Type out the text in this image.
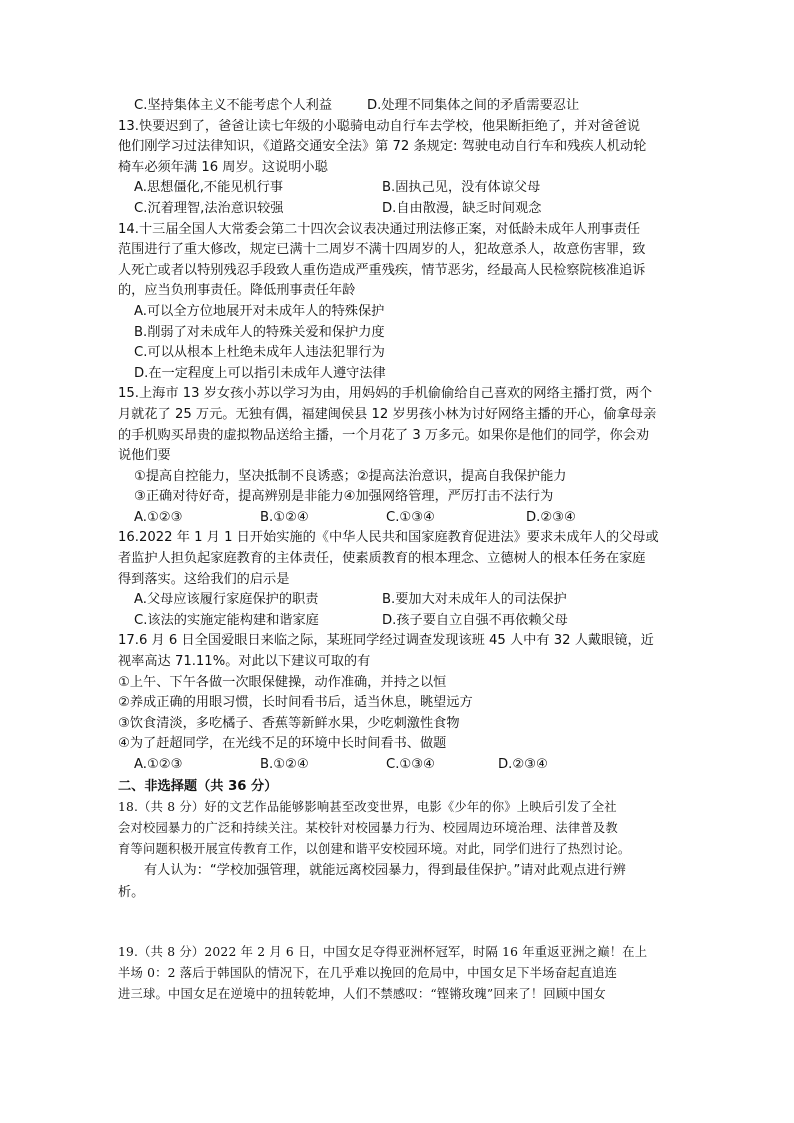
C.坚持集体主义不能考虑个人利益	D.处理不同集体之间的矛盾需要忍让
13.快要迟到了，爸爸让读七年级的小聪骑电动自行车去学校，他果断拒绝了，并对爸爸说
他们刚学习过法律知识，《道路交通安全法》第 72 条规定: 驾驶电动自行车和残疾人机动轮
椅车必须年满 16 周岁。这说明小聪
A.思想僵化,不能见机行事	B.固执己见，没有体谅父母
C.沉着理智,法治意识较强	D.自由散漫，缺乏时间观念
14.十三届全国人大常委会第二十四次会议表决通过刑法修正案，对低龄未成年人刑事责任
范围进行了重大修改，规定已满十二周岁不满十四周岁的人，犯故意杀人，故意伤害罪，致
人死亡或者以特别残忍手段致人重伤造成严重残疾，情节恶劣，经最高人民检察院核准追诉
的，应当负刑事责任。降低刑事责任年龄
A.可以全方位地展开对未成年人的特殊保护
B.削弱了对未成年人的特殊关爱和保护力度
C.可以从根本上杜绝未成年人违法犯罪行为
D.在一定程度上可以指引未成年人遵守法律
15.上海市 13 岁女孩小苏以学习为由，用妈妈的手机偷偷给自己喜欢的网络主播打赏，两个
月就花了 25 万元。无独有偶，福建闽侯县 12 岁男孩小林为讨好网络主播的开心，偷拿母亲
的手机购买昂贵的虚拟物品送给主播，一个月花了 3 万多元。如果你是他们的同学，你会劝
说他们要
①提高自控能力，坚决抵制不良诱惑；②提高法治意识，提高自我保护能力
③正确对待好奇，提高辨别是非能力④加强网络管理，严厉打击不法行为
A.①②③	B.①②④	C.①③④	D.②③④
16.2022 年 1 月 1 日开始实施的《中华人民共和国家庭教育促进法》要求未成年人的父母或
者监护人担负起家庭教育的主体责任，使素质教育的根本理念、立德树人的根本任务在家庭
得到落实。这给我们的启示是
A.父母应该履行家庭保护的职责	B.要加大对未成年人的司法保护
C.该法的实施定能构建和谐家庭	D.孩子要自立自强不再依赖父母
17.6 月 6 日全国爱眼日来临之际，某班同学经过调查发现该班 45 人中有 32 人戴眼镜，近
视率高达 71.11%。对此以下建议可取的有
①上午、下午各做一次眼保健操，动作准确，并持之以恒
②养成正确的用眼习惯，长时间看书后，适当休息，眺望远方
③饮食清淡，多吃橘子、香蕉等新鲜水果，少吃刺激性食物
④为了赶超同学，在光线不足的环境中长时间看书、做题
A.①②③	B.①②④	C.①③④	D.②③④
二、非选择题（共 36 分）
18.（共 8 分）好的文艺作品能够影响甚至改变世界，电影《少年的你》上映后引发了全社
会对校园暴力的广泛和持续关注。某校针对校园暴力行为、校园周边环境治理、法律普及教
育等问题积极开展宣传教育工作，以创建和谐平安校园环境。对此，同学们进行了热烈讨论。
有人认为：“学校加强管理，就能远离校园暴力，得到最佳保护。”请对此观点进行辨
析。
19.（共 8 分）2022 年 2 月 6 日，中国女足夺得亚洲杯冠军，时隔 16 年重返亚洲之巅！在上
半场 0：2 落后于韩国队的情况下，在几乎难以挽回的危局中，中国女足下半场奋起直追连
进三球。中国女足在逆境中的扭转乾坤，人们不禁感叹：“铿锵玫瑰”回来了！回顾中国女
